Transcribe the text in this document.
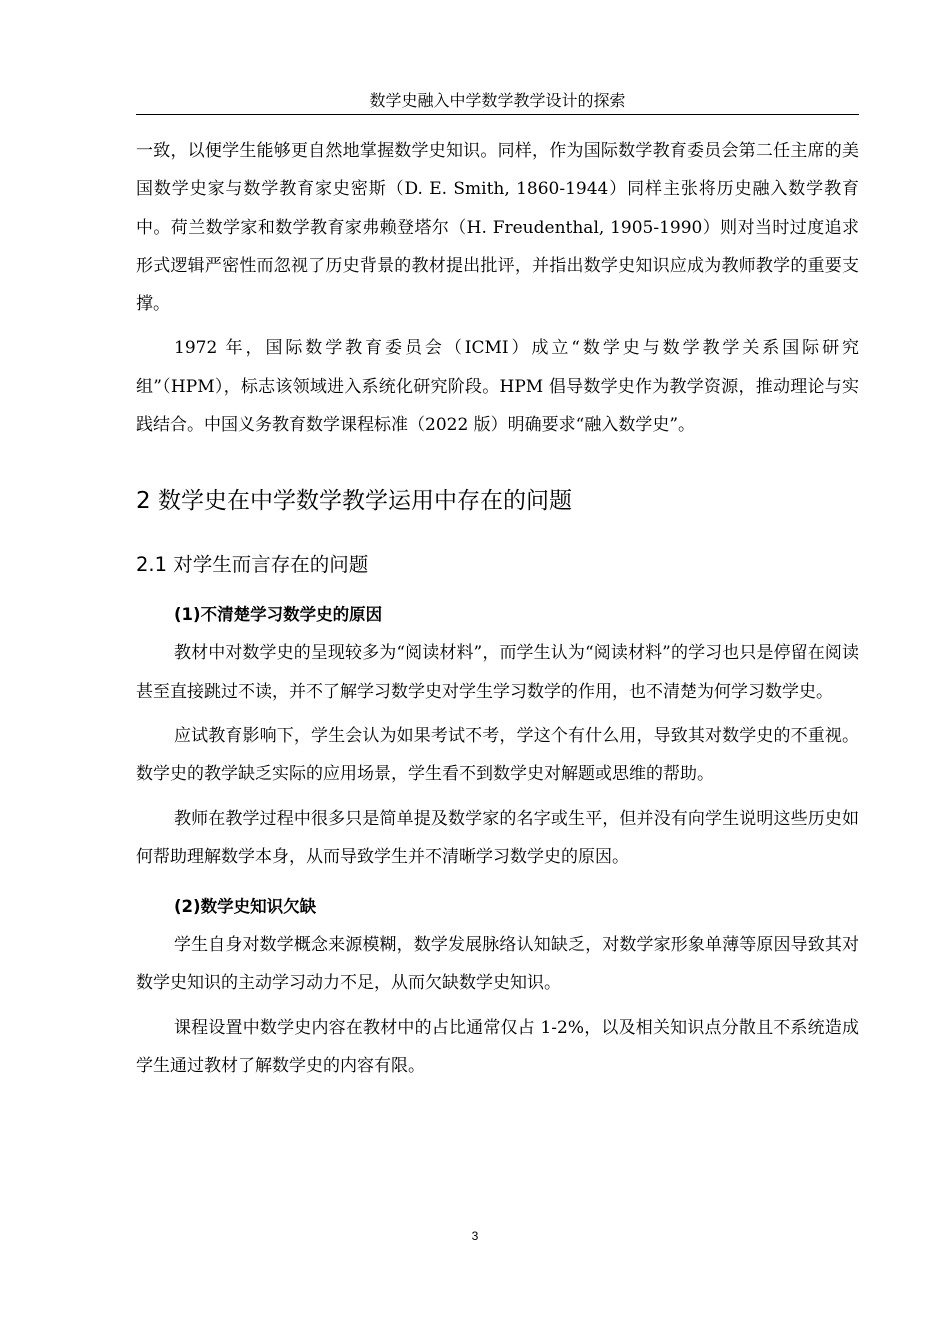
数学史融入中学数学教学设计的探索

一致，以便学生能够更自然地掌握数学史知识。同样，作为国际数学教育委员会第二任主席的美国数学史家与数学教育家史密斯（D. E. Smith, 1860-1944）同样主张将历史融入数学教育中。荷兰数学家和数学教育家弗赖登塔尔（H. Freudenthal, 1905-1990）则对当时过度追求形式逻辑严密性而忽视了历史背景的教材提出批评，并指出数学史知识应成为教师教学的重要支撑。

1972 年，国际数学教育委员会（ICMI）成立“数学史与数学教学关系国际研究组”（HPM），标志该领域进入系统化研究阶段。HPM 倡导数学史作为教学资源，推动理论与实践结合。中国义务教育数学课程标准（2022 版）明确要求“融入数学史”。

2 数学史在中学数学教学运用中存在的问题
2.1 对学生而言存在的问题
(1)不清楚学习数学史的原因

教材中对数学史的呈现较多为“阅读材料”，而学生认为“阅读材料”的学习也只是停留在阅读甚至直接跳过不读，并不了解学习数学史对学生学习数学的作用，也不清楚为何学习数学史。

应试教育影响下，学生会认为如果考试不考，学这个有什么用，导致其对数学史的不重视。数学史的教学缺乏实际的应用场景，学生看不到数学史对解题或思维的帮助。

教师在教学过程中很多只是简单提及数学家的名字或生平，但并没有向学生说明这些历史如何帮助理解数学本身，从而导致学生并不清晰学习数学史的原因。

(2)数学史知识欠缺

学生自身对数学概念来源模糊，数学发展脉络认知缺乏，对数学家形象单薄等原因导致其对数学史知识的主动学习动力不足，从而欠缺数学史知识。

课程设置中数学史内容在教材中的占比通常仅占 1-2%，以及相关知识点分散且不系统造成学生通过教材了解数学史的内容有限。

3
